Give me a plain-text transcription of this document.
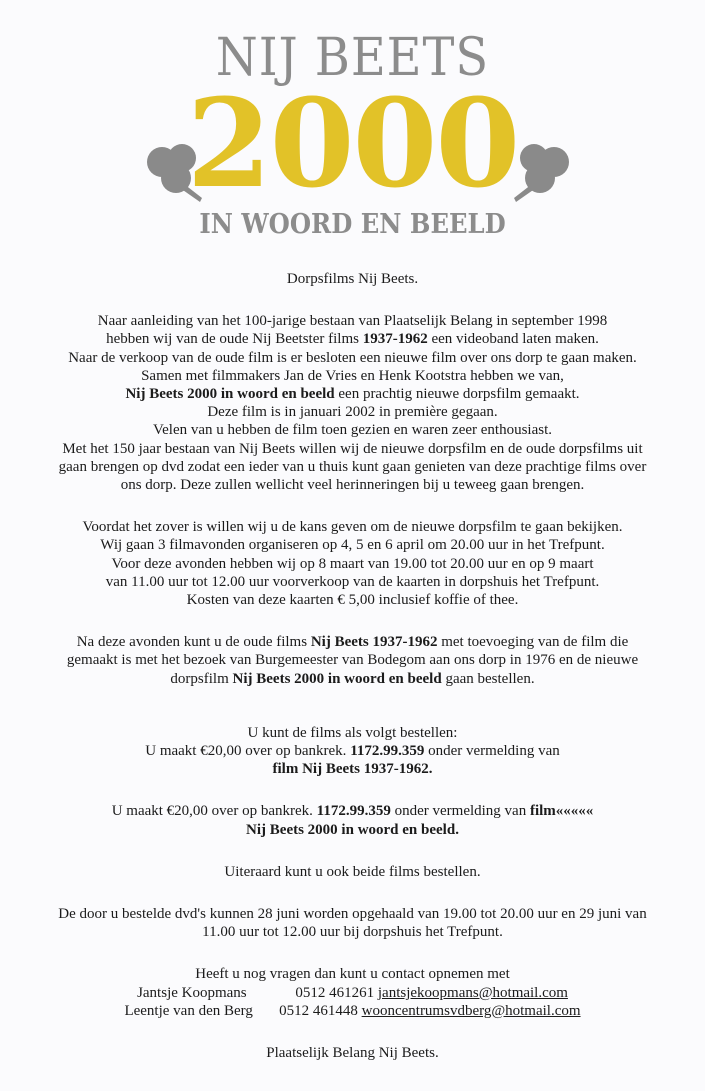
NIJ BEETS
2000
IN WOORD EN BEELD

Dorpsfilms Nij Beets.

Naar aanleiding van het 100-jarige bestaan van Plaatselijk Belang in september 1998

hebben wij van de oude Nij Beetster films 1937-1962 een videoband laten maken.

Naar de verkoop van de oude film is er besloten een nieuwe film over ons dorp te gaan maken.

Samen met filmmakers Jan de Vries en Henk Kootstra hebben we van,

Nij Beets 2000 in woord en beeld een prachtig nieuwe dorpsfilm gemaakt.

Deze film is in januari 2002 in première gegaan.

Velen van u hebben de film toen gezien en waren zeer enthousiast.

Met het 150 jaar bestaan van Nij Beets willen wij de nieuwe dorpsfilm en de oude dorpsfilms uit

gaan brengen op dvd zodat een ieder van u thuis kunt gaan genieten van deze prachtige films over

ons dorp. Deze zullen wellicht veel herinneringen bij u teweeg gaan brengen.

Voordat het zover is willen wij u de kans geven om de nieuwe dorpsfilm te gaan bekijken.

Wij gaan 3 filmavonden organiseren op 4, 5 en 6 april om 20.00 uur in het Trefpunt.

Voor deze avonden hebben wij op 8 maart van 19.00 tot 20.00 uur en op 9 maart

van 11.00 uur tot 12.00 uur voorverkoop van de kaarten in dorpshuis het Trefpunt.

Kosten van deze kaarten € 5,00 inclusief koffie of thee.

Na deze avonden kunt u de oude films Nij Beets 1937-1962 met toevoeging van de film die

gemaakt is met het bezoek van Burgemeester van Bodegom aan ons dorp in 1976 en de nieuwe

dorpsfilm Nij Beets 2000 in woord en beeld gaan bestellen.

U kunt de films als volgt bestellen:

U maakt €20,00 over op bankrek. 1172.99.359 onder vermelding van

film Nij Beets 1937-1962.

U maakt €20,00 over op bankrek. 1172.99.359 onder vermelding van film«««««

Nij Beets 2000 in woord en beeld.

Uiteraard kunt u ook beide films bestellen.

De door u bestelde dvd's kunnen 28 juni worden opgehaald van 19.00 tot 20.00 uur en 29 juni van

11.00 uur tot 12.00 uur bij dorpshuis het Trefpunt.

Heeft u nog vragen dan kunt u contact opnemen met

Jantsje Koopmans	0512 461261 jantsjekoopmans@hotmail.com

Leentje van den Berg 0512 461448 wooncentrumsvdberg@hotmail.com

Plaatselijk Belang Nij Beets.
